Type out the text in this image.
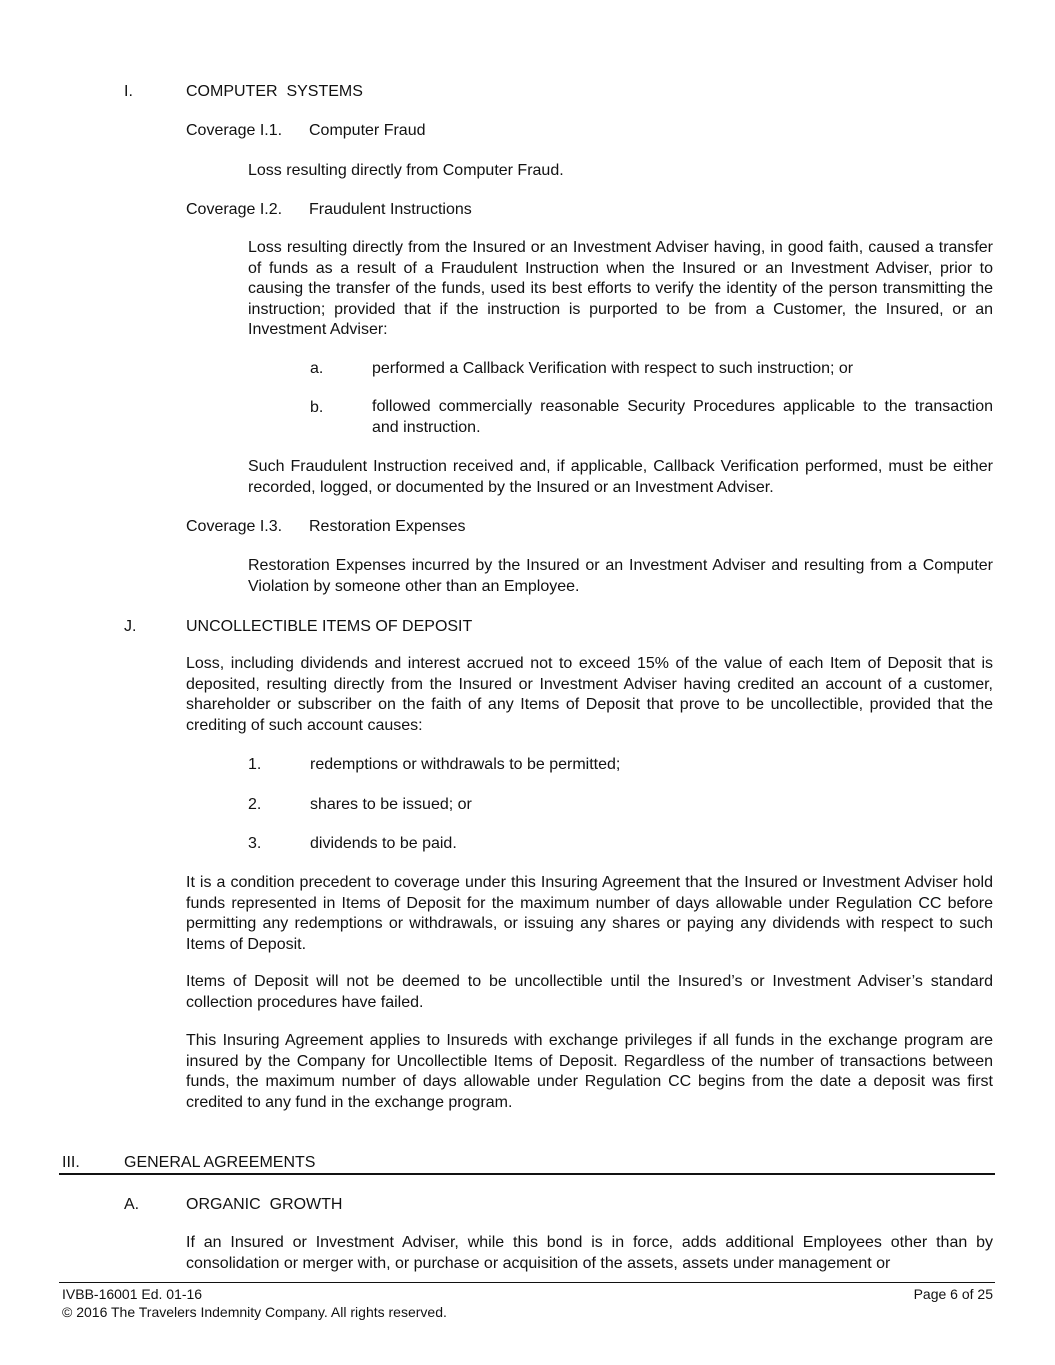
I.	COMPUTER  SYSTEMS
Coverage I.1. Computer Fraud
Loss resulting directly from Computer Fraud.
Coverage I.2. Fraudulent Instructions
Loss resulting directly from the Insured or an Investment Adviser having, in good faith, caused a transfer of funds as a result of a Fraudulent Instruction when the Insured or an Investment Adviser, prior to causing the transfer of the funds, used its best efforts to verify the identity of the person transmitting the instruction; provided that if the instruction is purported to be from a Customer, the Insured, or an Investment Adviser:
a.	performed a Callback Verification with respect to such instruction; or
b.	followed commercially reasonable Security Procedures applicable to the transaction and instruction.
Such Fraudulent Instruction received and, if applicable, Callback Verification performed, must be either recorded, logged, or documented by the Insured or an Investment Adviser.
Coverage I.3. Restoration Expenses
Restoration Expenses incurred by the Insured or an Investment Adviser and resulting from a Computer Violation by someone other than an Employee.
J.	UNCOLLECTIBLE ITEMS OF DEPOSIT
Loss, including dividends and interest accrued not to exceed 15% of the value of each Item of Deposit that is deposited, resulting directly from the Insured or Investment Adviser having credited an account of a customer, shareholder or subscriber on the faith of any Items of Deposit that prove to be uncollectible, provided that the crediting of such account causes:
1.	redemptions or withdrawals to be permitted;
2.	shares to be issued; or
3.	dividends to be paid.
It is a condition precedent to coverage under this Insuring Agreement that the Insured or Investment Adviser hold funds represented in Items of Deposit for the maximum number of days allowable under Regulation CC before permitting any redemptions or withdrawals, or issuing any shares or paying any dividends with respect to such Items of Deposit.
Items of Deposit will not be deemed to be uncollectible until the Insured’s or Investment Adviser’s standard collection procedures have failed.
This Insuring Agreement applies to Insureds with exchange privileges if all funds in the exchange program are insured by the Company for Uncollectible Items of Deposit. Regardless of the number of transactions between funds, the maximum number of days allowable under Regulation CC begins from the date a deposit was first credited to any fund in the exchange program.
III.	GENERAL AGREEMENTS
A.	ORGANIC  GROWTH
If an Insured or Investment Adviser, while this bond is in force, adds additional Employees other than by consolidation or merger with, or purchase or acquisition of the assets, assets under management or
IVBB-16001 Ed. 01-16	Page 6 of 25
© 2016 The Travelers Indemnity Company. All rights reserved.
